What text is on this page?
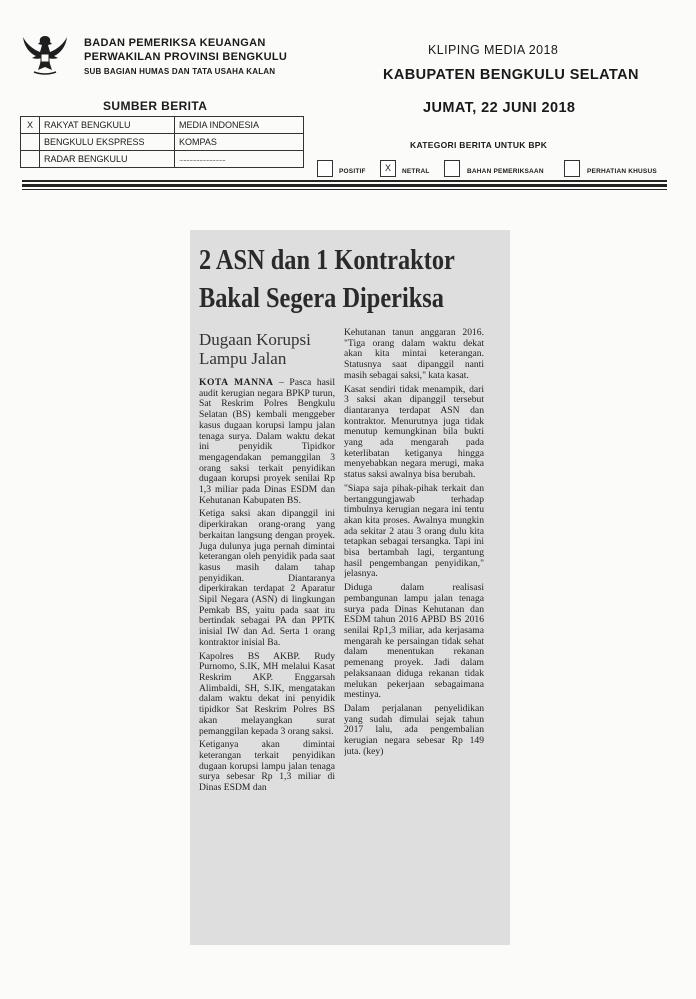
BADAN PEMERIKSA KEUANGAN
PERWAKILAN PROVINSI BENGKULU
SUB BAGIAN HUMAS DAN TATA USAHA KALAN
KLIPING MEDIA 2018
KABUPATEN BENGKULU SELATAN
JUMAT, 22 JUNI 2018
SUMBER BERITA
X	RAKYAT BENGKULU	MEDIA INDONESIA
	BENGKULU EKSPRESS	KOMPAS
	RADAR BENGKULU	................................
KATEGORI BERITA UNTUK BPK
POSITIF	X	NETRAL	BAHAN PEMERIKSAAN	PERHATIAN KHUSUS
2 ASN dan 1 Kontraktor
Bakal Segera Diperiksa
Dugaan Korupsi Lampu Jalan

KOTA MANNA – Pasca hasil audit kerugian negara BPKP turun, Sat Reskrim Polres Bengkulu Selatan (BS) kembali menggeber kasus dugaan korupsi lampu jalan tenaga surya. Dalam waktu dekat ini penyidik Tipidkor mengagendakan pemanggilan 3 orang saksi terkait penyidikan dugaan korupsi proyek senilai Rp 1,3 miliar pada Dinas ESDM dan Kehutanan Kabupaten BS.

Ketiga saksi akan dipanggil ini diperkirakan orang-orang yang berkaitan langsung dengan proyek. Juga dulunya juga pernah dimintai keterangan oleh penyidik pada saat kasus masih dalam tahap penyidikan. Diantaranya diperkirakan terdapat 2 Aparatur Sipil Negara (ASN) di lingkungan Pemkab BS, yaitu pada saat itu bertindak sebagai PA dan PPTK inisial IW dan Ad. Serta 1 orang kontraktor inisial Ba.

Kapolres BS AKBP. Rudy Purnomo, S.IK, MH melalui Kasat Reskrim AKP. Enggarsah Alimbaldi, SH, S.IK, mengatakan dalam waktu dekat ini penyidik tipidkor Sat Reskrim Polres BS akan melayangkan surat pemanggilan kepada 3 orang saksi.

Ketiganya akan dimintai keterangan terkait penyidikan dugaan korupsi lampu jalan tenaga surya sebesar Rp 1,3 miliar di Dinas ESDM dan

Kehutanan tanun anggaran 2016. "Tiga orang dalam waktu dekat akan kita mintai keterangan. Statusnya saat dipanggil nanti masih sebagai saksi," kata kasat.

Kasat sendiri tidak menampik, dari 3 saksi akan dipanggil tersebut diantaranya terdapat ASN dan kontraktor. Menurutnya juga tidak menutup kemungkinan bila bukti yang ada mengarah pada keterlibatan ketiganya hingga menyebabkan negara merugi, maka status saksi awalnya bisa berubah.

"Siapa saja pihak-pihak terkait dan bertanggungjawab terhadap timbulnya kerugian negara ini tentu akan kita proses. Awalnya mungkin ada sekitar 2 atau 3 orang dulu kita tetapkan sebagai tersangka. Tapi ini bisa bertambah lagi, tergantung hasil pengembangan penyidikan," jelasnya.

Diduga dalam realisasi pembangunan lampu jalan tenaga surya pada Dinas Kehutanan dan ESDM tahun 2016 APBD BS 2016 senilai Rp1,3 miliar, ada kerjasama mengarah ke persaingan tidak sehat dalam menentukan rekanan pemenang proyek. Jadi dalam pelaksanaan diduga rekanan tidak melukan pekerjaan sebagaimana mestinya.

Dalam perjalanan penyelidikan yang sudah dimulai sejak tahun 2017 lalu, ada pengembalian kerugian negara sebesar Rp 149 juta. (key)
